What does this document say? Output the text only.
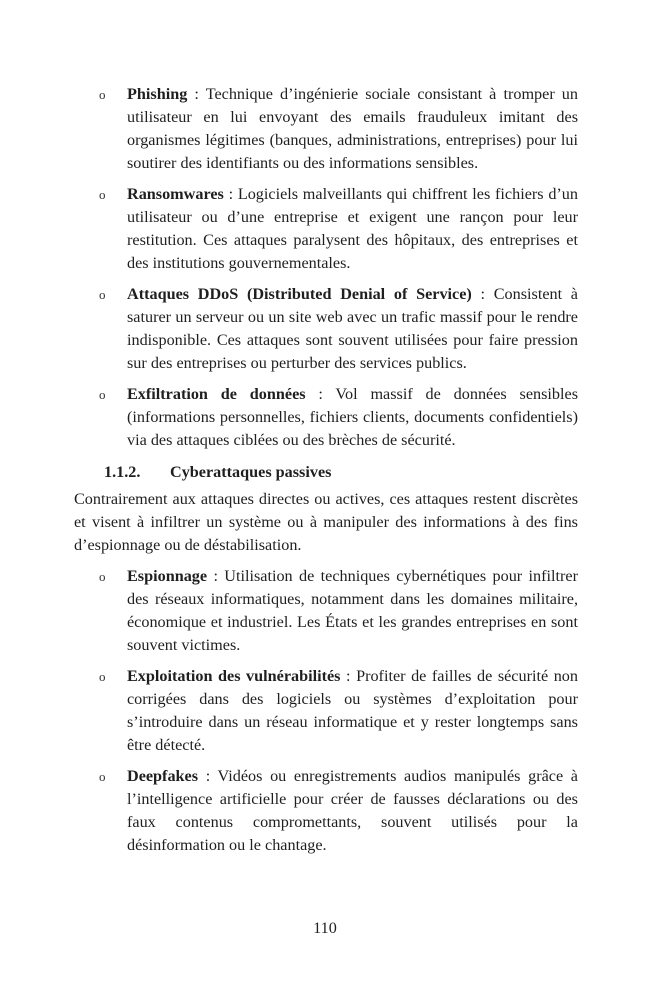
o	Phishing : Technique d’ingénierie sociale consistant à tromper un utilisateur en lui envoyant des emails frauduleux imitant des organismes légitimes (banques, administrations, entreprises) pour lui soutirer des identifiants ou des informations sensibles.
o	Ransomwares : Logiciels malveillants qui chiffrent les fichiers d’un utilisateur ou d’une entreprise et exigent une rançon pour leur restitution. Ces attaques paralysent des hôpitaux, des entreprises et des institutions gouvernementales.
o	Attaques DDoS (Distributed Denial of Service) : Consistent à saturer un serveur ou un site web avec un trafic massif pour le rendre indisponible. Ces attaques sont souvent utilisées pour faire pression sur des entreprises ou perturber des services publics.
o	Exfiltration de données : Vol massif de données sensibles (informations personnelles, fichiers clients, documents confidentiels) via des attaques ciblées ou des brèches de sécurité.
1.1.2. Cyberattaques passives

Contrairement aux attaques directes ou actives, ces attaques restent discrètes et visent à infiltrer un système ou à manipuler des informations à des fins d’espionnage ou de déstabilisation.

o	Espionnage : Utilisation de techniques cybernétiques pour infiltrer des réseaux informatiques, notamment dans les domaines militaire, économique et industriel. Les États et les grandes entreprises en sont souvent victimes.
o	Exploitation des vulnérabilités : Profiter de failles de sécurité non corrigées dans des logiciels ou systèmes d’exploitation pour s’introduire dans un réseau informatique et y rester longtemps sans être détecté.
o	Deepfakes : Vidéos ou enregistrements audios manipulés grâce à l’intelligence artificielle pour créer de fausses déclarations ou des faux contenus compromettants, souvent utilisés pour la désinformation ou le chantage.
110
